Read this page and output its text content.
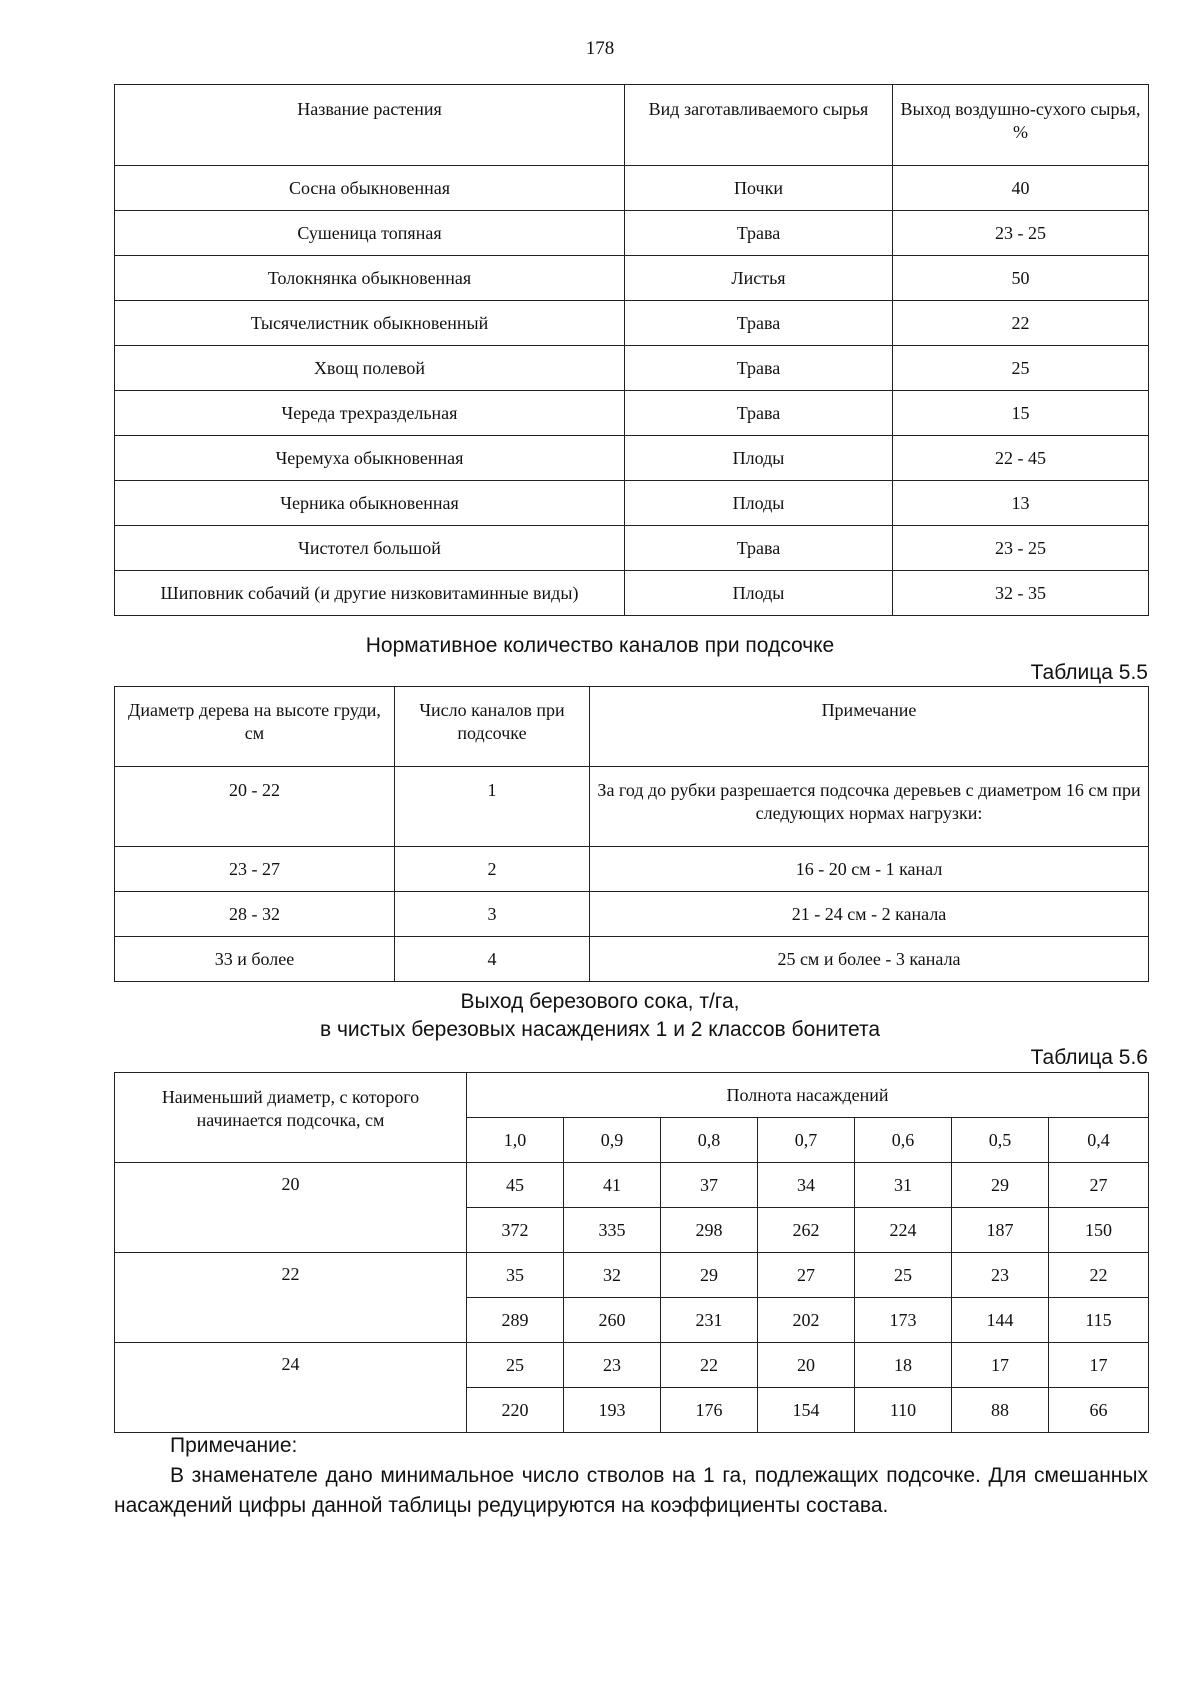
178
Название растения	Вид заготавливаемого сырья	Выход воздушно-сухого сырья, %
Сосна обыкновенная	Почки	40
Сушеница топяная	Трава	23 - 25
Толокнянка обыкновенная	Листья	50
Тысячелистник обыкновенный	Трава	22
Хвощ полевой	Трава	25
Череда трехраздельная	Трава	15
Черемуха обыкновенная	Плоды	22 - 45
Черника обыкновенная	Плоды	13
Чистотел большой	Трава	23 - 25
Шиповник собачий (и другие низковитаминные виды)	Плоды	32 - 35
Нормативное количество каналов при подсочке
Таблица 5.5
Диаметр дерева на высоте груди, см	Число каналов при подсочке	Примечание
20 - 22	1	За год до рубки разрешается подсочка деревьев с диаметром 16 см при следующих нормах нагрузки:
23 - 27	2	16 - 20 см - 1 канал
28 - 32	3	21 - 24 см - 2 канала
33 и более	4	25 см и более - 3 канала
Выход березового сока, т/га,
в чистых березовых насаждениях 1 и 2 классов бонитета
Таблица 5.6
Наименьший диаметр, с которого начинается подсочка, см	Полнота насаждений						
	1,0	0,9	0,8	0,7	0,6	0,5	0,4
20	45	41	37	34	31	29	27
	372	335	298	262	224	187	150
22	35	32	29	27	25	23	22
	289	260	231	202	173	144	115
24	25	23	22	20	18	17	17
	220	193	176	154	110	88	66
Примечание:

В знаменателе дано минимальное число стволов на 1 га, подлежащих подсочке. Для смешанных насаждений цифры данной таблицы редуцируются на коэффициенты состава.
